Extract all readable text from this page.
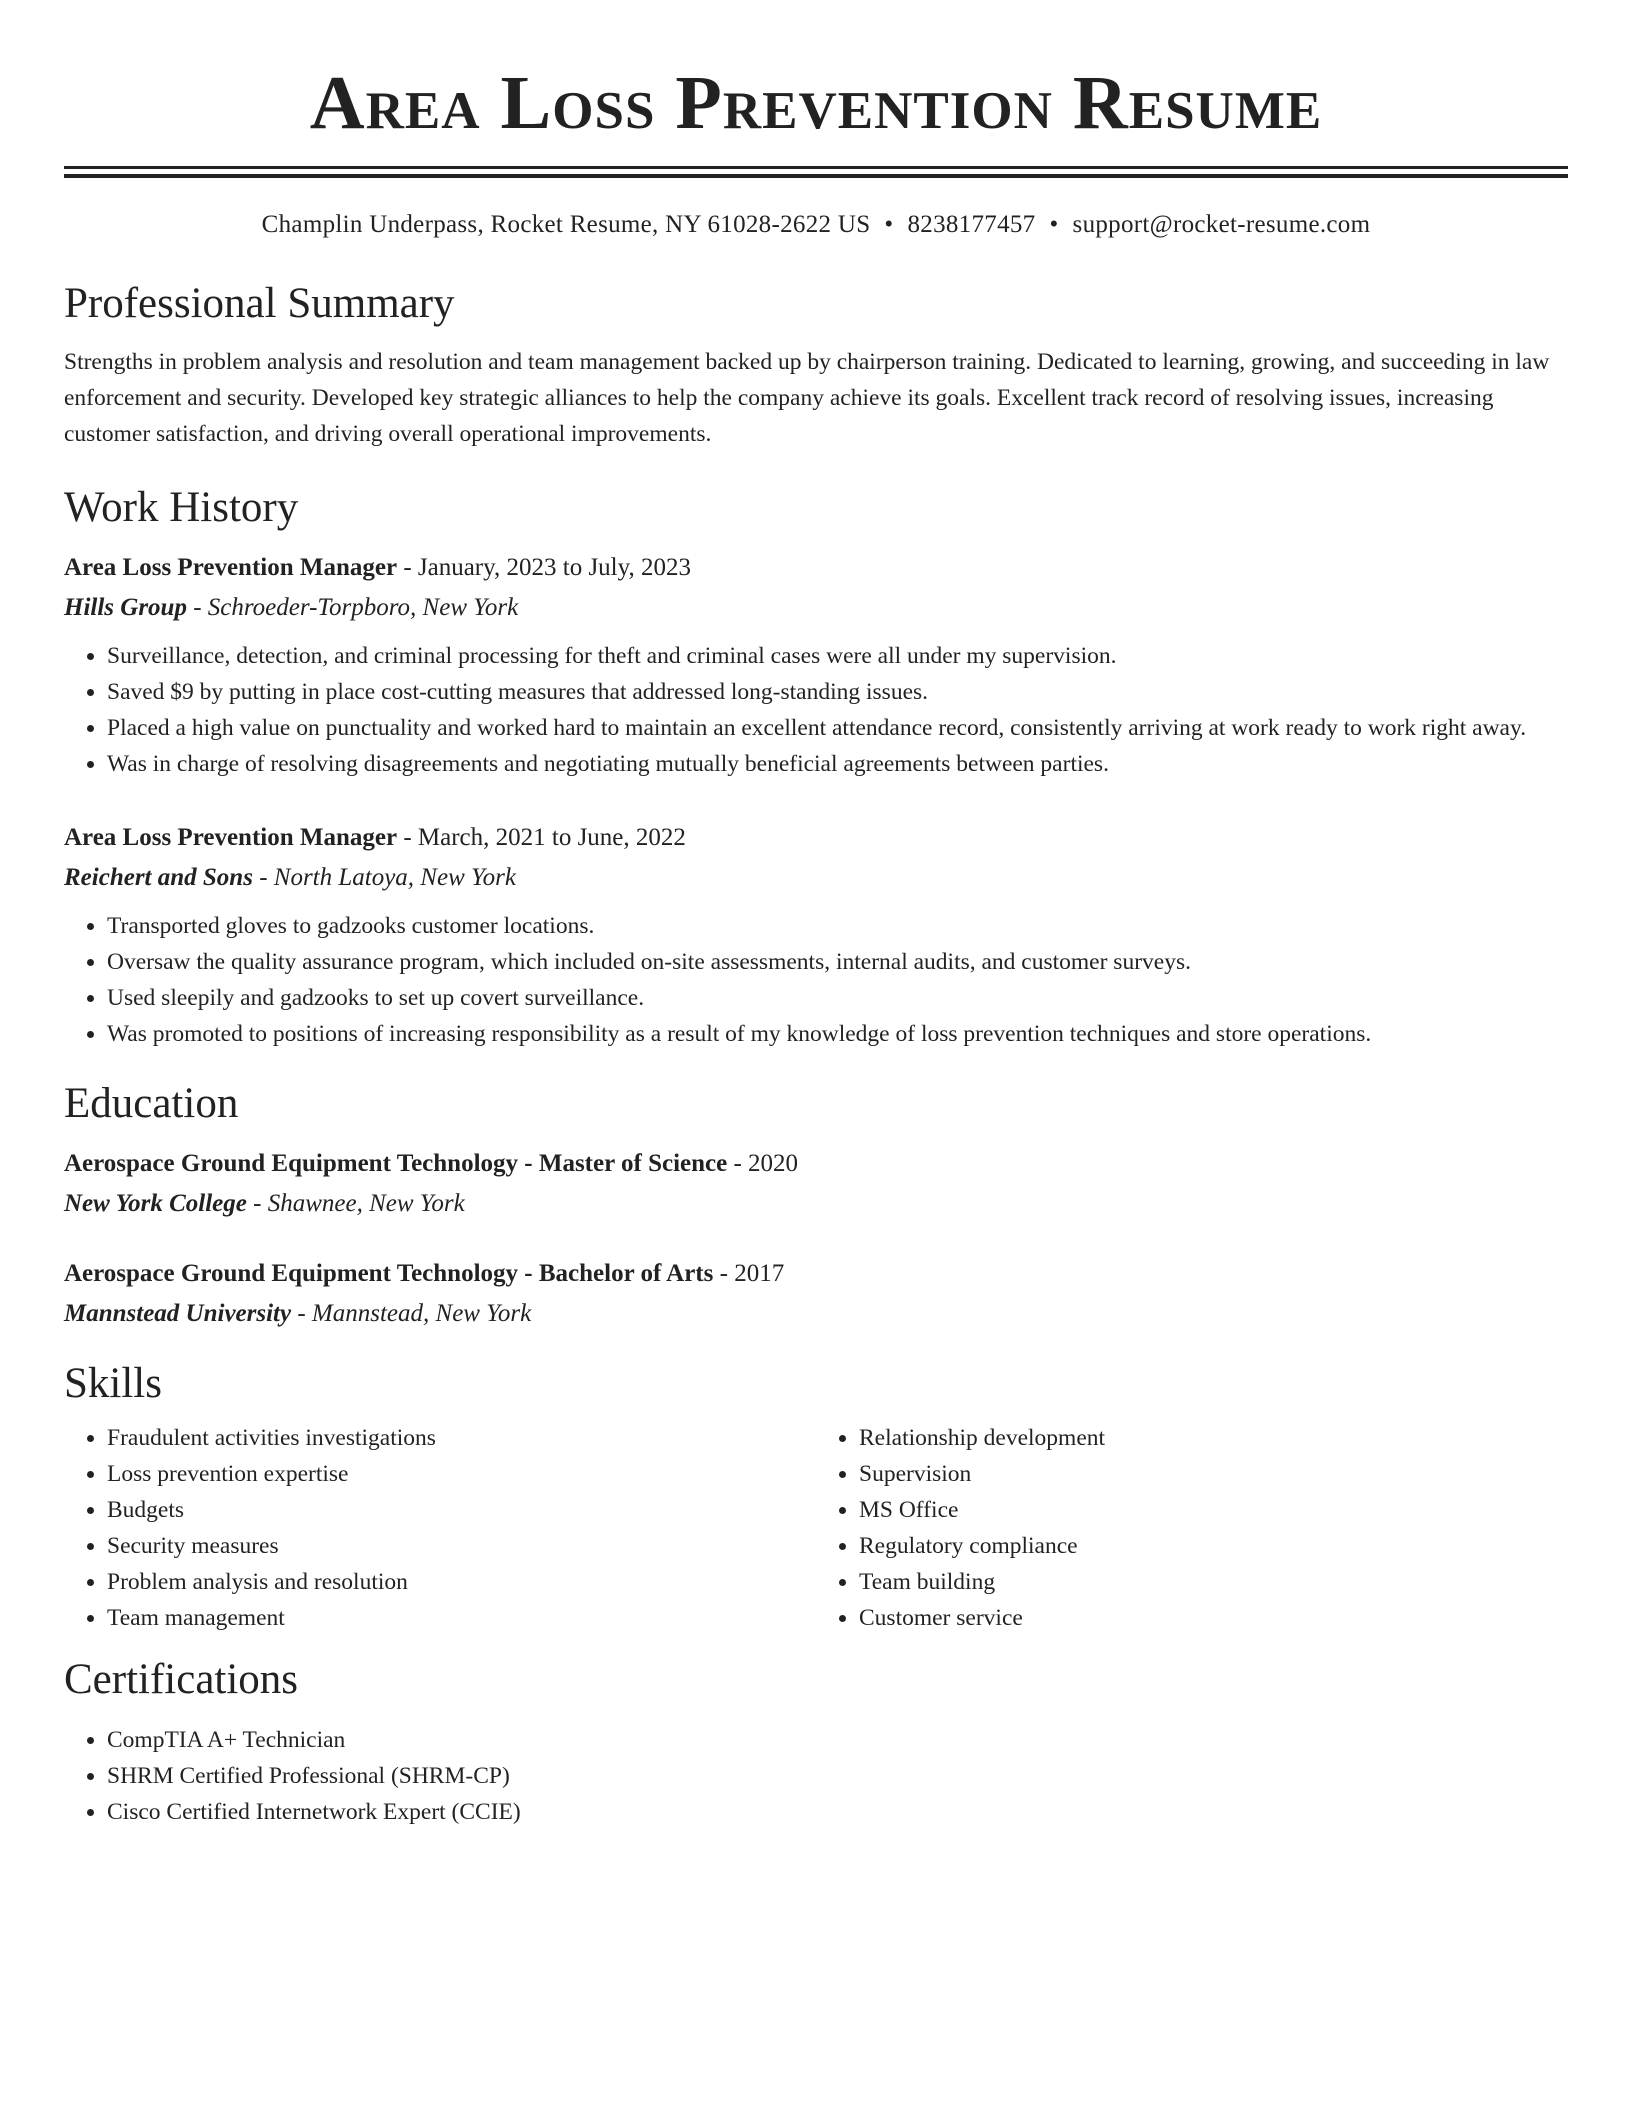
Area Loss Prevention Resume
Champlin Underpass, Rocket Resume, NY 61028-2622 US • 8238177457 • support@rocket-resume.com
Professional Summary
Strengths in problem analysis and resolution and team management backed up by chairperson training. Dedicated to learning, growing, and succeeding in law enforcement and security. Developed key strategic alliances to help the company achieve its goals. Excellent track record of resolving issues, increasing customer satisfaction, and driving overall operational improvements.
Work History
Area Loss Prevention Manager - January, 2023 to July, 2023
Hills Group - Schroeder-Torpboro, New York
• Surveillance, detection, and criminal processing for theft and criminal cases were all under my supervision.
• Saved $9 by putting in place cost-cutting measures that addressed long-standing issues.
• Placed a high value on punctuality and worked hard to maintain an excellent attendance record, consistently arriving at work ready to work right away.
• Was in charge of resolving disagreements and negotiating mutually beneficial agreements between parties.
Area Loss Prevention Manager - March, 2021 to June, 2022
Reichert and Sons - North Latoya, New York
• Transported gloves to gadzooks customer locations.
• Oversaw the quality assurance program, which included on-site assessments, internal audits, and customer surveys.
• Used sleepily and gadzooks to set up covert surveillance.
• Was promoted to positions of increasing responsibility as a result of my knowledge of loss prevention techniques and store operations.
Education
Aerospace Ground Equipment Technology - Master of Science - 2020
New York College - Shawnee, New York
Aerospace Ground Equipment Technology - Bachelor of Arts - 2017
Mannstead University - Mannstead, New York
Skills
• Fraudulent activities investigations
• Loss prevention expertise
• Budgets
• Security measures
• Problem analysis and resolution
• Team management
• Relationship development
• Supervision
• MS Office
• Regulatory compliance
• Team building
• Customer service
Certifications
• CompTIA A+ Technician
• SHRM Certified Professional (SHRM-CP)
• Cisco Certified Internetwork Expert (CCIE)
